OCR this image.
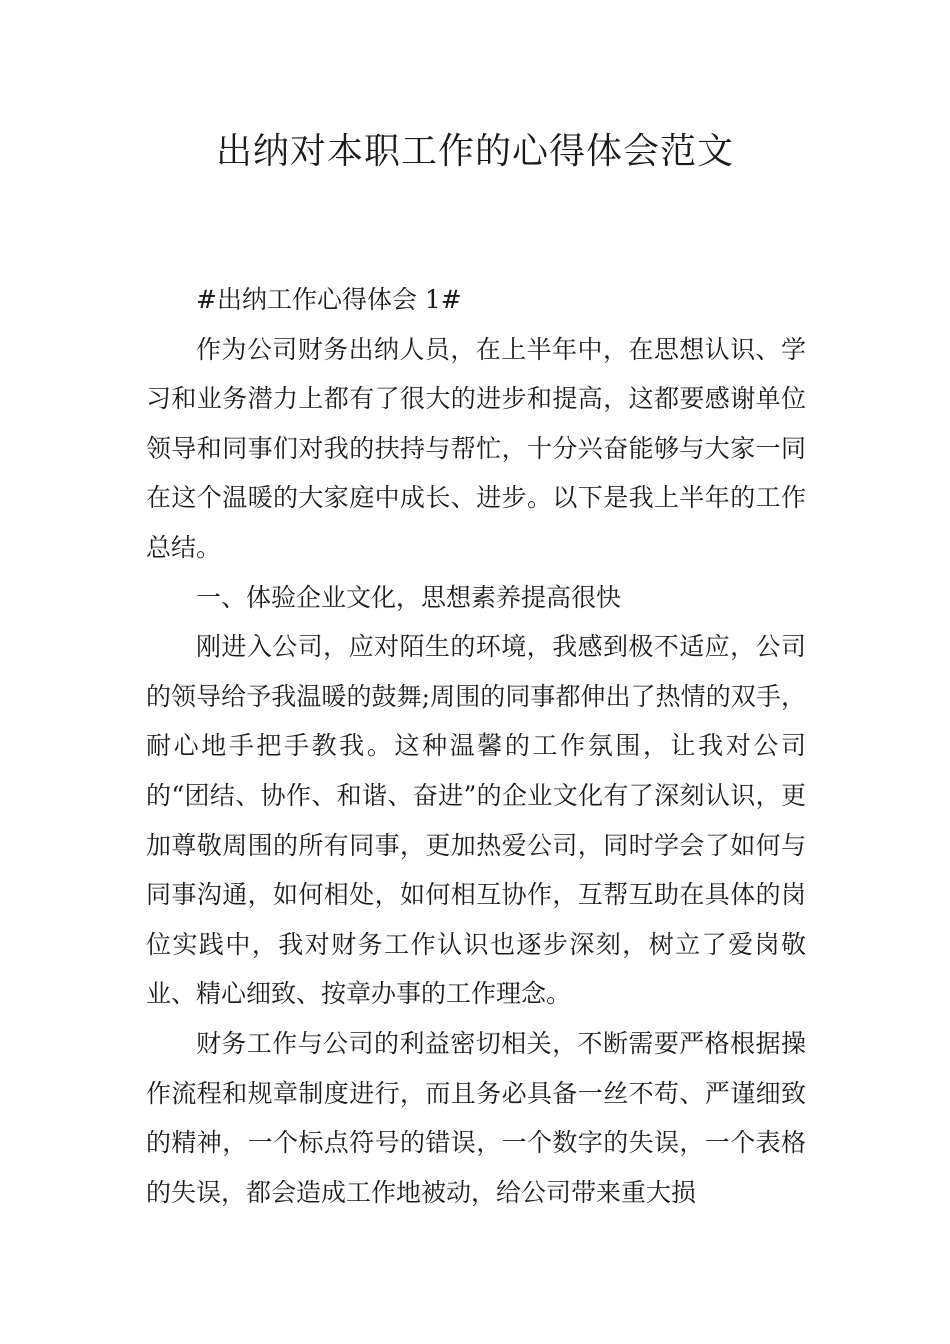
出纳对本职工作的心得体会范文

#出纳工作心得体会 1#

作为公司财务出纳人员，在上半年中，在思想认识、学习和业务潜力上都有了很大的进步和提高，这都要感谢单位领导和同事们对我的扶持与帮忙，十分兴奋能够与大家一同在这个温暖的大家庭中成长、进步。以下是我上半年的工作总结。

一、体验企业文化，思想素养提高很快

刚进入公司，应对陌生的环境，我感到极不适应，公司的领导给予我温暖的鼓舞;周围的同事都伸出了热情的双手，耐心地手把手教我。这种温馨的工作氛围，让我对公司的“团结、协作、和谐、奋进”的企业文化有了深刻认识，更加尊敬周围的所有同事，更加热爱公司，同时学会了如何与同事沟通，如何相处，如何相互协作，互帮互助在具体的岗位实践中，我对财务工作认识也逐步深刻，树立了爱岗敬业、精心细致、按章办事的工作理念。

财务工作与公司的利益密切相关，不断需要严格根据操作流程和规章制度进行，而且务必具备一丝不苟、严谨细致的精神，一个标点符号的错误，一个数字的失误，一个表格的失误，都会造成工作地被动，给公司带来重大损
